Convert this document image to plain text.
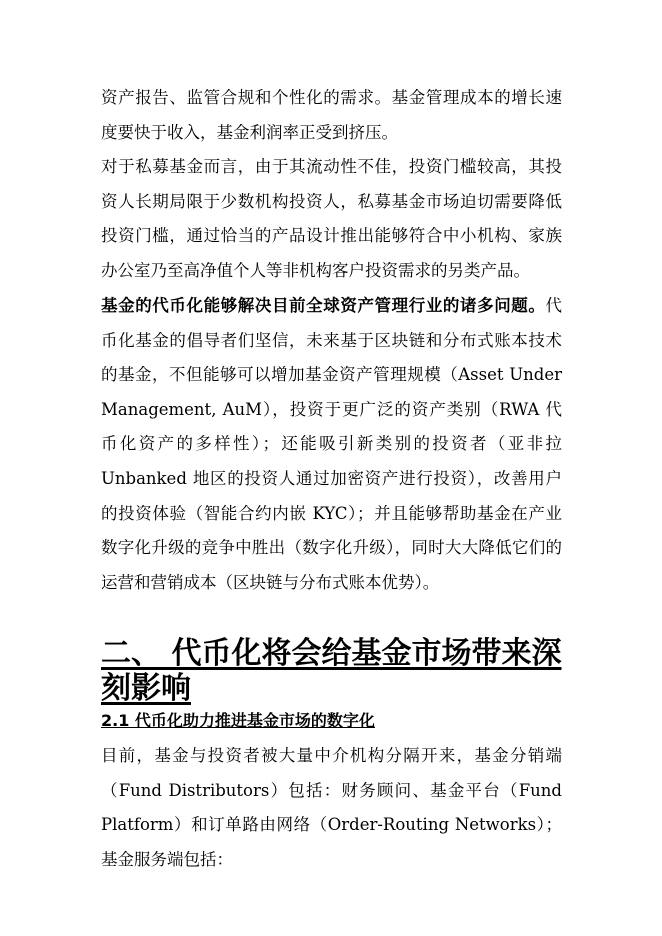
资产报告、监管合规和个性化的需求。基金管理成本的增长速度要快于收入，基金利润率正受到挤压。

对于私募基金而言，由于其流动性不佳，投资门槛较高，其投资人长期局限于少数机构投资人，私募基金市场迫切需要降低投资门槛，通过恰当的产品设计推出能够符合中小机构、家族办公室乃至高净值个人等非机构客户投资需求的另类产品。

基金的代币化能够解决目前全球资产管理行业的诸多问题。代币化基金的倡导者们坚信，未来基于区块链和分布式账本技术的基金，不但能够可以增加基金资产管理规模（Asset Under Management, AuM），投资于更广泛的资产类别（RWA 代币化资产的多样性）；还能吸引新类别的投资者（亚非拉 Unbanked 地区的投资人通过加密资产进行投资），改善用户的投资体验（智能合约内嵌 KYC）；并且能够帮助基金在产业数字化升级的竞争中胜出（数字化升级），同时大大降低它们的运营和营销成本（区块链与分布式账本优势）。

二、 代币化将会给基金市场带来深刻影响
2.1 代币化助力推进基金市场的数字化

目前，基金与投资者被大量中介机构分隔开来，基金分销端（Fund Distributors）包括：财务顾问、基金平台（Fund Platform）和订单路由网络（Order-Routing Networks）；基金服务端包括：
